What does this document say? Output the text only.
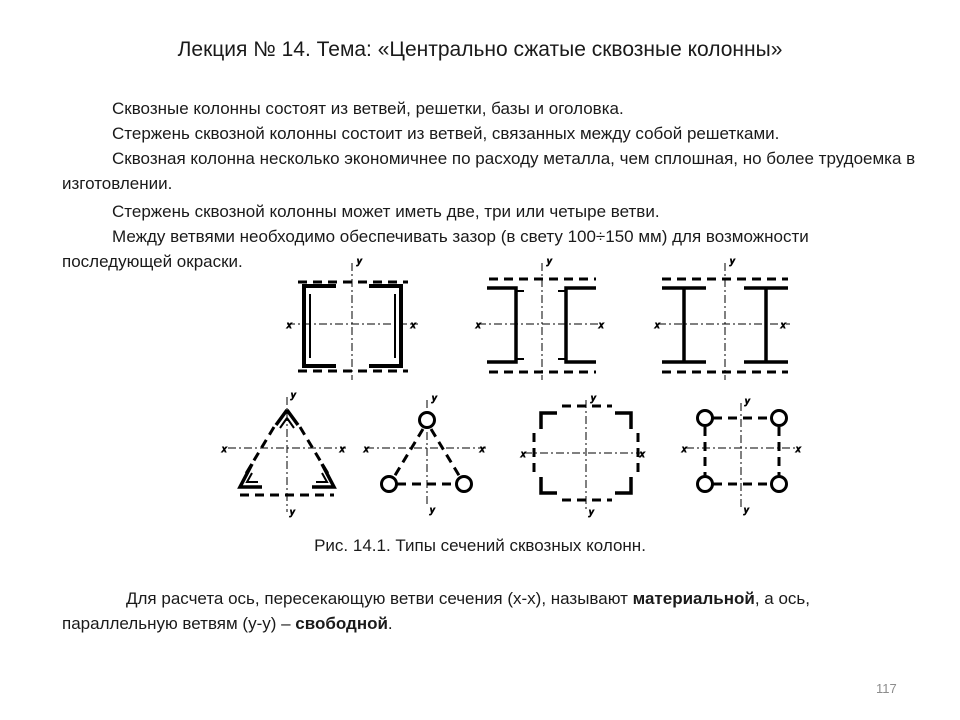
Лекция № 14. Тема: «Центрально сжатые сквозные колонны»
Сквозные колонны состоят из ветвей, решетки, базы и оголовка.
Стержень сквозной колонны состоит из ветвей, связанных между собой решетками.
Сквозная колонна несколько экономичнее по расходу металла, чем сплошная, но более трудоемка в изготовлении.
Стержень сквозной колонны может иметь две, три или четыре ветви.
Между ветвями необходимо обеспечивать зазор (в свету 100÷150 мм) для возможности последующей окраски.	y
x	x
y
x	x
y
x	x
y
x	x
y
y
x	x
y
y
x	x
y
y
x	x
y
Рис. 14.1. Типы сечений сквозных колонн.
Для расчета ось, пересекающую ветви сечения (x-x), называют материальной, а ось, параллельную ветвям (y-y) – свободной.
117
